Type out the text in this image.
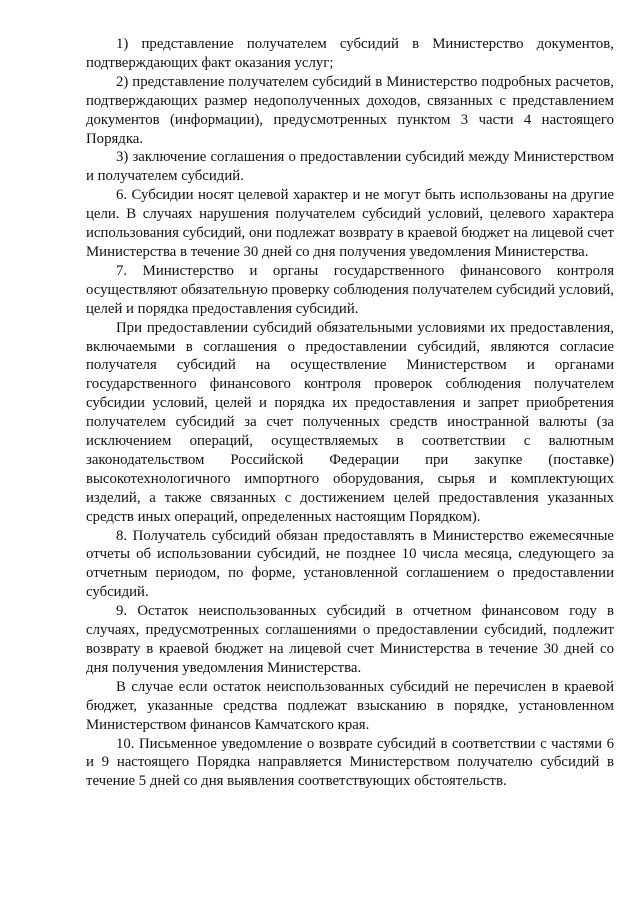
1) представление получателем субсидий в Министерство документов, подтверждающих факт оказания услуг;

2) представление получателем субсидий в Министерство подробных расчетов, подтверждающих размер недополученных доходов, связанных с представлением документов (информации), предусмотренных пунктом 3 части 4 настоящего Порядка.

3) заключение соглашения о предоставлении субсидий между Министерством и получателем субсидий.

6. Субсидии носят целевой характер и не могут быть использованы на другие цели. В случаях нарушения получателем субсидий условий, целевого характера использования субсидий, они подлежат возврату в краевой бюджет на лицевой счет Министерства в течение 30 дней со дня получения уведомления Министерства.

7. Министерство и органы государственного финансового контроля осуществляют обязательную проверку соблюдения получателем субсидий условий, целей и порядка предоставления субсидий.

При предоставлении субсидий обязательными условиями их предоставления, включаемыми в соглашения о предоставлении субсидий, являются согласие получателя субсидий на осуществление Министерством и органами государственного финансового контроля проверок соблюдения получателем субсидии условий, целей и порядка их предоставления и запрет приобретения получателем субсидий за счет полученных средств иностранной валюты (за исключением операций, осуществляемых в соответствии с валютным законодательством Российской Федерации при закупке (поставке) высокотехнологичного импортного оборудования, сырья и комплектующих изделий, а также связанных с достижением целей предоставления указанных средств иных операций, определенных настоящим Порядком).

8. Получатель субсидий обязан предоставлять в Министерство ежемесячные отчеты об использовании субсидий, не позднее 10 числа месяца, следующего за отчетным периодом, по форме, установленной соглашением о предоставлении субсидий.

9. Остаток неиспользованных субсидий в отчетном финансовом году в случаях, предусмотренных соглашениями о предоставлении субсидий, подлежит возврату в краевой бюджет на лицевой счет Министерства в течение 30 дней со дня получения уведомления Министерства.

В случае если остаток неиспользованных субсидий не перечислен в краевой бюджет, указанные средства подлежат взысканию в порядке, установленном Министерством финансов Камчатского края.

10. Письменное уведомление о возврате субсидий в соответствии с частями 6 и 9 настоящего Порядка направляется Министерством получателю субсидий в течение 5 дней со дня выявления соответствующих обстоятельств.
